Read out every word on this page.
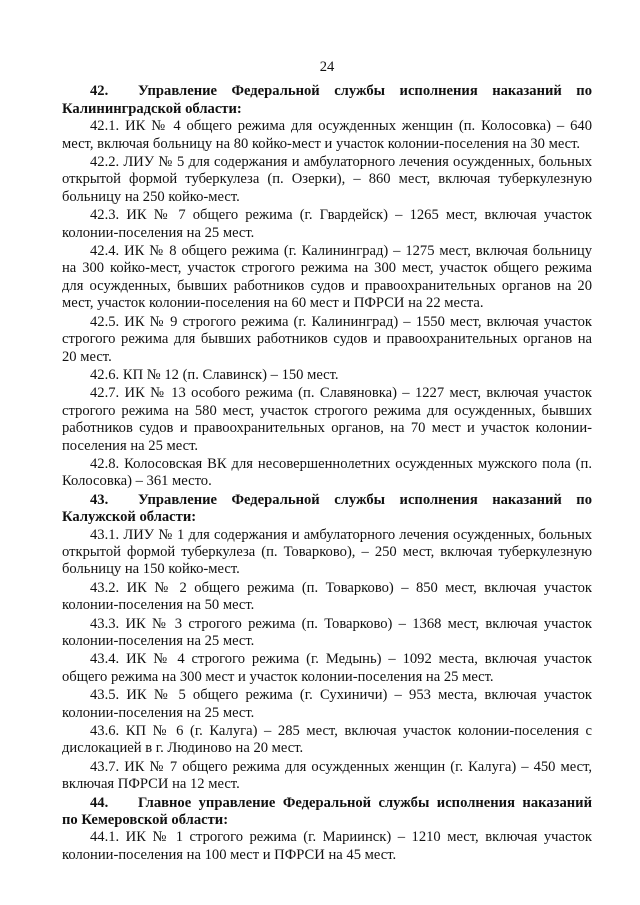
24

42. Управление Федеральной службы исполнения наказаний по Калининградской области:

42.1. ИК № 4 общего режима для осужденных женщин (п. Колосовка) – 640 мест, включая больницу на 80 койко-мест и участок колонии-поселения на 30 мест.

42.2. ЛИУ № 5 для содержания и амбулаторного лечения осужденных, больных открытой формой туберкулеза (п. Озерки), – 860 мест, включая туберкулезную больницу на 250 койко-мест.

42.3. ИК № 7 общего режима (г. Гвардейск) – 1265 мест, включая участок колонии-поселения на 25 мест.

42.4. ИК № 8 общего режима (г. Калининград) – 1275 мест, включая больницу на 300 койко-мест, участок строгого режима на 300 мест, участок общего режима для осужденных, бывших работников судов и правоохранительных органов на 20 мест, участок колонии-поселения на 60 мест и ПФРСИ на 22 места.

42.5. ИК № 9 строгого режима (г. Калининград) – 1550 мест, включая участок строгого режима для бывших работников судов и правоохранительных органов на 20 мест.

42.6. КП № 12 (п. Славинск) – 150 мест.

42.7. ИК № 13 особого режима (п. Славяновка) – 1227 мест, включая участок строгого режима на 580 мест, участок строгого режима для осужденных, бывших работников судов и правоохранительных органов, на 70 мест и участок колонии-поселения на 25 мест.

42.8. Колосовская ВК для несовершеннолетних осужденных мужского пола (п. Колосовка) – 361 место.

43. Управление Федеральной службы исполнения наказаний по Калужской области:

43.1. ЛИУ № 1 для содержания и амбулаторного лечения осужденных, больных открытой формой туберкулеза (п. Товарково), – 250 мест, включая туберкулезную больницу на 150 койко-мест.

43.2. ИК № 2 общего режима (п. Товарково) – 850 мест, включая участок колонии-поселения на 50 мест.

43.3. ИК № 3 строгого режима (п. Товарково) – 1368 мест, включая участок колонии-поселения на 25 мест.

43.4. ИК № 4 строгого режима (г. Медынь) – 1092 места, включая участок общего режима на 300 мест и участок колонии-поселения на 25 мест.

43.5. ИК № 5 общего режима (г. Сухиничи) – 953 места, включая участок колонии-поселения на 25 мест.

43.6. КП № 6 (г. Калуга) – 285 мест, включая участок колонии-поселения с дислокацией в г. Людиново на 20 мест.

43.7. ИК № 7 общего режима для осужденных женщин (г. Калуга) – 450 мест, включая ПФРСИ на 12 мест.

44. Главное управление Федеральной службы исполнения наказаний по Кемеровской области:

44.1. ИК № 1 строгого режима (г. Мариинск) – 1210 мест, включая участок колонии-поселения на 100 мест и ПФРСИ на 45 мест.
